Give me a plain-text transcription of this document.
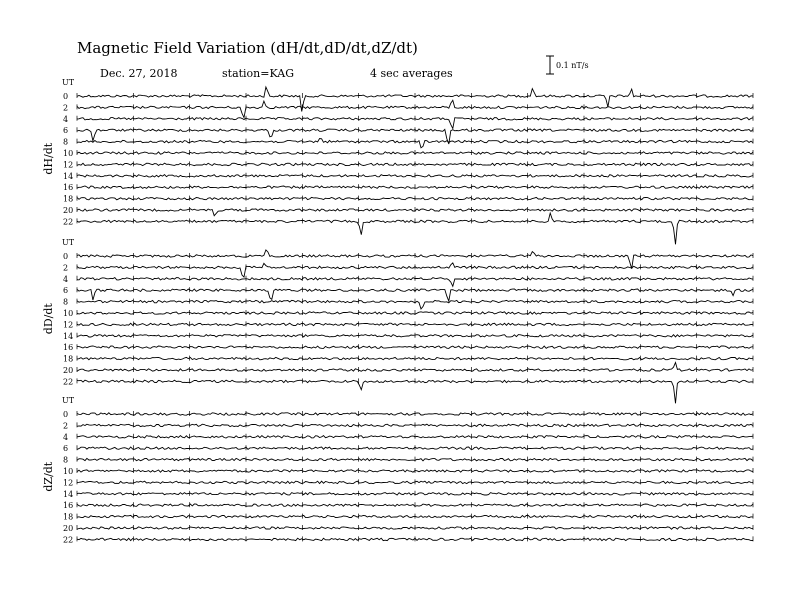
Magnetic Field Variation (dH/dt,dD/dt,dZ/dt)
Dec. 27, 2018	station=KAG	4 sec averages
0.1 nT/s
UT
dH/dt
0
2
4
6
8
10
12
14
16
18
20
22
UT
dD/dt
0
2
4
6
8
10
12
14
16
18
20
22
UT
dZ/dt
0
2
4
6
8
10
12
14
16
18
20
22
